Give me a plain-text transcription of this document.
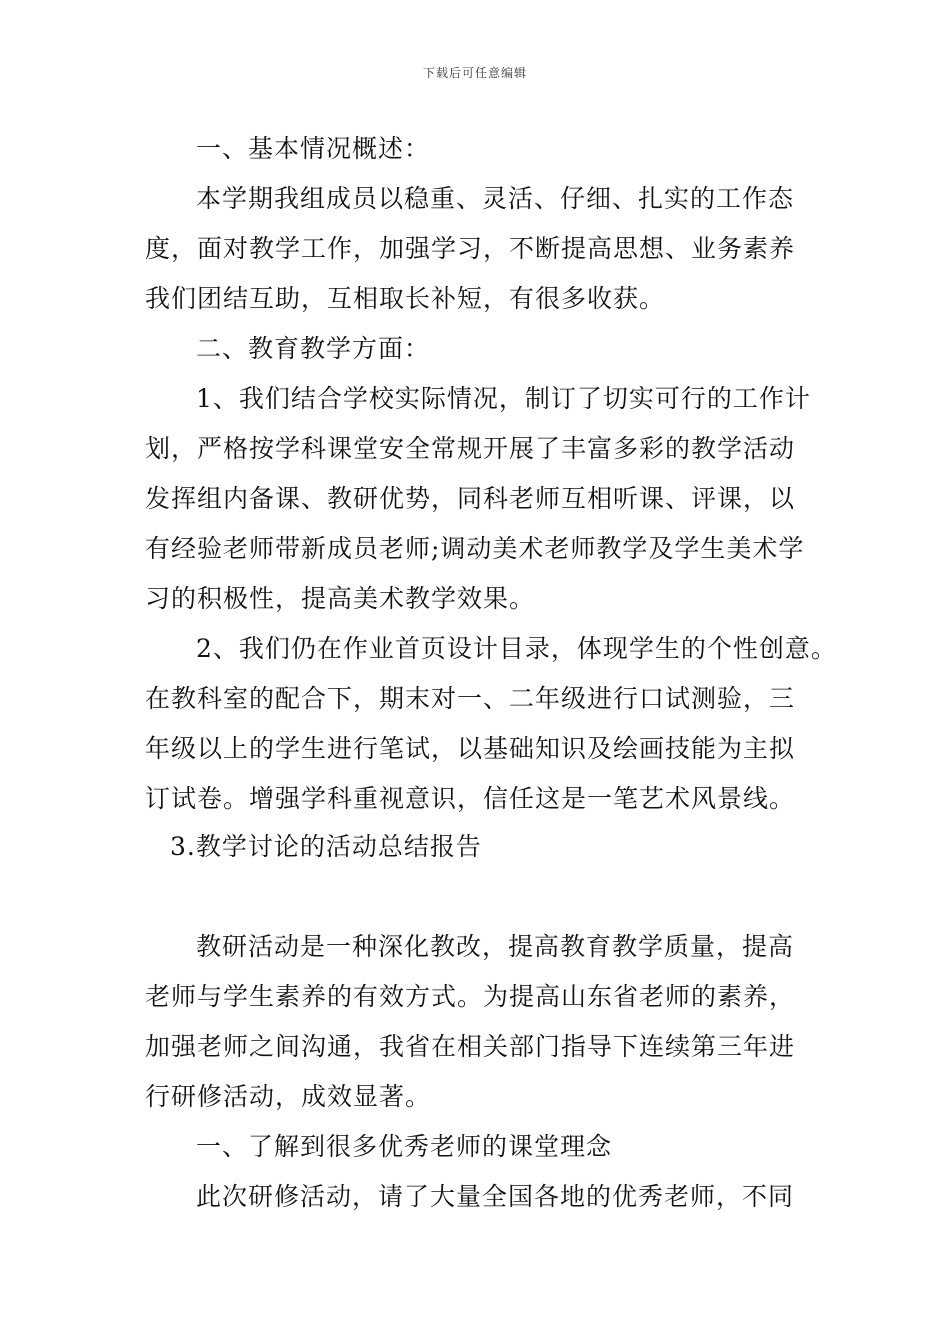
下载后可任意编辑
一、基本情况概述：
本学期我组成员以稳重、灵活、仔细、扎实的工作态
度，面对教学工作，加强学习，不断提高思想、业务素养
我们团结互助，互相取长补短，有很多收获。
二、教育教学方面：
1、我们结合学校实际情况，制订了切实可行的工作计
划，严格按学科课堂安全常规开展了丰富多彩的教学活动
发挥组内备课、教研优势，同科老师互相听课、评课，以
有经验老师带新成员老师;调动美术老师教学及学生美术学
习的积极性，提高美术教学效果。
2、我们仍在作业首页设计目录，体现学生的个性创意。
在教科室的配合下，期末对一、二年级进行口试测验，三
年级以上的学生进行笔试，以基础知识及绘画技能为主拟
订试卷。增强学科重视意识，信任这是一笔艺术风景线。
3.教学讨论的活动总结报告
教研活动是一种深化教改，提高教育教学质量，提高
老师与学生素养的有效方式。为提高山东省老师的素养，
加强老师之间沟通，我省在相关部门指导下连续第三年进
行研修活动，成效显著。
一、了解到很多优秀老师的课堂理念
此次研修活动，请了大量全国各地的优秀老师，不同
